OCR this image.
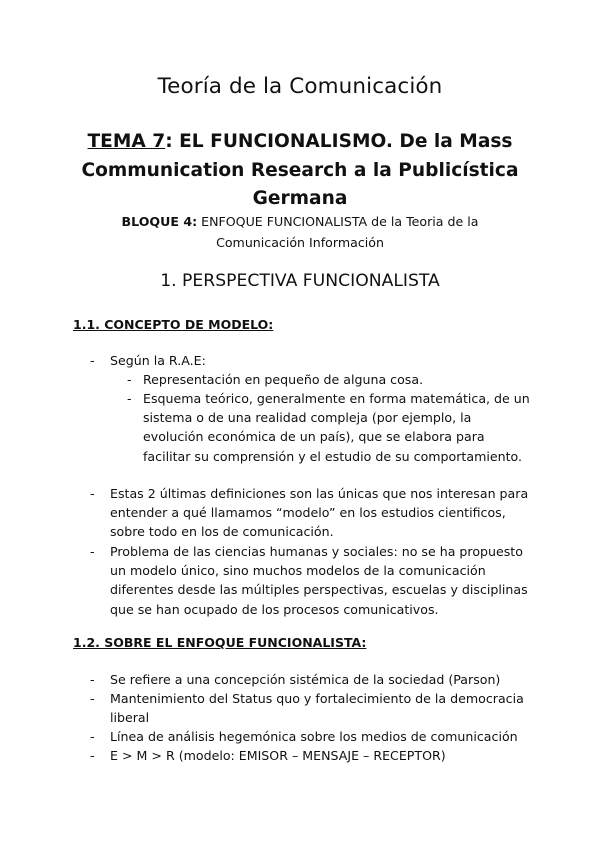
Teoría de la Comunicación
TEMA 7: EL FUNCIONALISMO. De la Mass Communication Research a la Publicística Germana
BLOQUE 4: ENFOQUE FUNCIONALISTA de la Teoria de la Comunicación Información
1. PERSPECTIVA FUNCIONALISTA
1.1. CONCEPTO DE MODELO:
- Según la R.A.E:

- Representación en pequeño de alguna cosa.

- Esquema teórico, generalmente en forma matemática, de un sistema o de una realidad compleja (por ejemplo, la evolución económica de un país), que se elabora para facilitar su comprensión y el estudio de su comportamiento.

- Estas 2 últimas definiciones son las únicas que nos interesan para entender a qué llamamos “modelo” en los estudios cientificos, sobre todo en los de comunicación.

- Problema de las ciencias humanas y sociales: no se ha propuesto un modelo único, sino muchos modelos de la comunicación diferentes desde las múltiples perspectivas, escuelas y disciplinas que se han ocupado de los procesos comunicativos.

1.2. SOBRE EL ENFOQUE FUNCIONALISTA:
- Se refiere a una concepción sistémica de la sociedad (Parson)

- Mantenimiento del Status quo y fortalecimiento de la democracia liberal

- Línea de análisis hegemónica sobre los medios de comunicación

- E > M > R (modelo: EMISOR – MENSAJE – RECEPTOR)
